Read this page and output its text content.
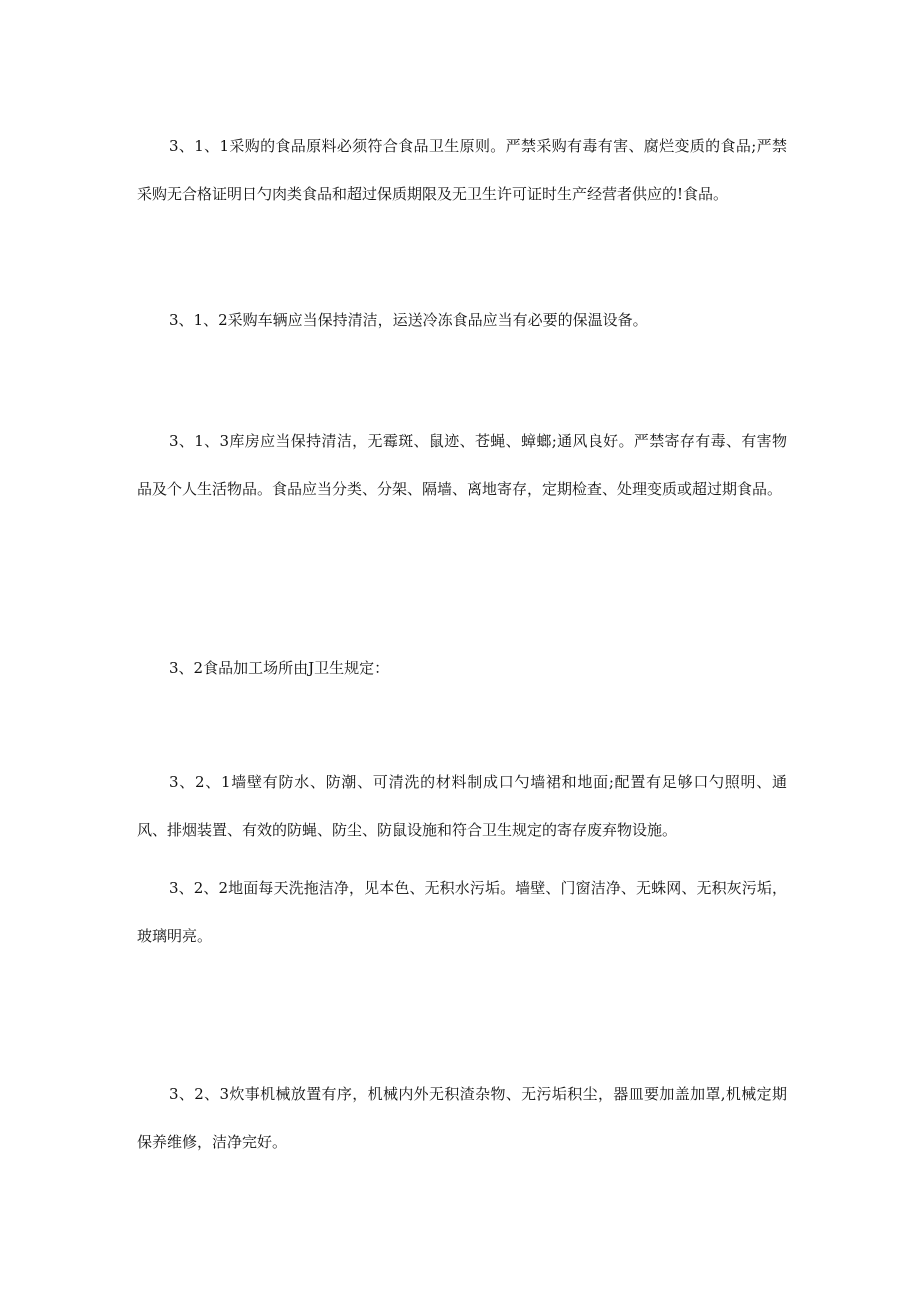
3、1、1采购的食品原料必须符合食品卫生原则。严禁采购有毒有害、腐烂变质的食品;严禁采购无合格证明日勺肉类食品和超过保质期限及无卫生许可证时生产经营者供应的!食品。

3、1、2采购车辆应当保持清洁，运送冷冻食品应当有必要的保温设备。

3、1、3库房应当保持清洁，无霉斑、鼠迹、苍蝇、蟑螂;通风良好。严禁寄存有毒、有害物品及个人生活物品。食品应当分类、分架、隔墙、离地寄存，定期检查、处理变质或超过期食品。

3、2食品加工场所由J卫生规定：

3、2、1墙壁有防水、防潮、可清洗的材料制成口勺墙裙和地面;配置有足够口勺照明、通风、排烟装置、有效的防蝇、防尘、防鼠设施和符合卫生规定的寄存废弃物设施。

3、2、2地面每天洗拖洁净，见本色、无积水污垢。墙壁、门窗洁净、无蛛网、无积灰污垢，玻璃明亮。

3、2、3炊事机械放置有序，机械内外无积渣杂物、无污垢积尘，器皿要加盖加罩,机械定期保养维修，洁净完好。
